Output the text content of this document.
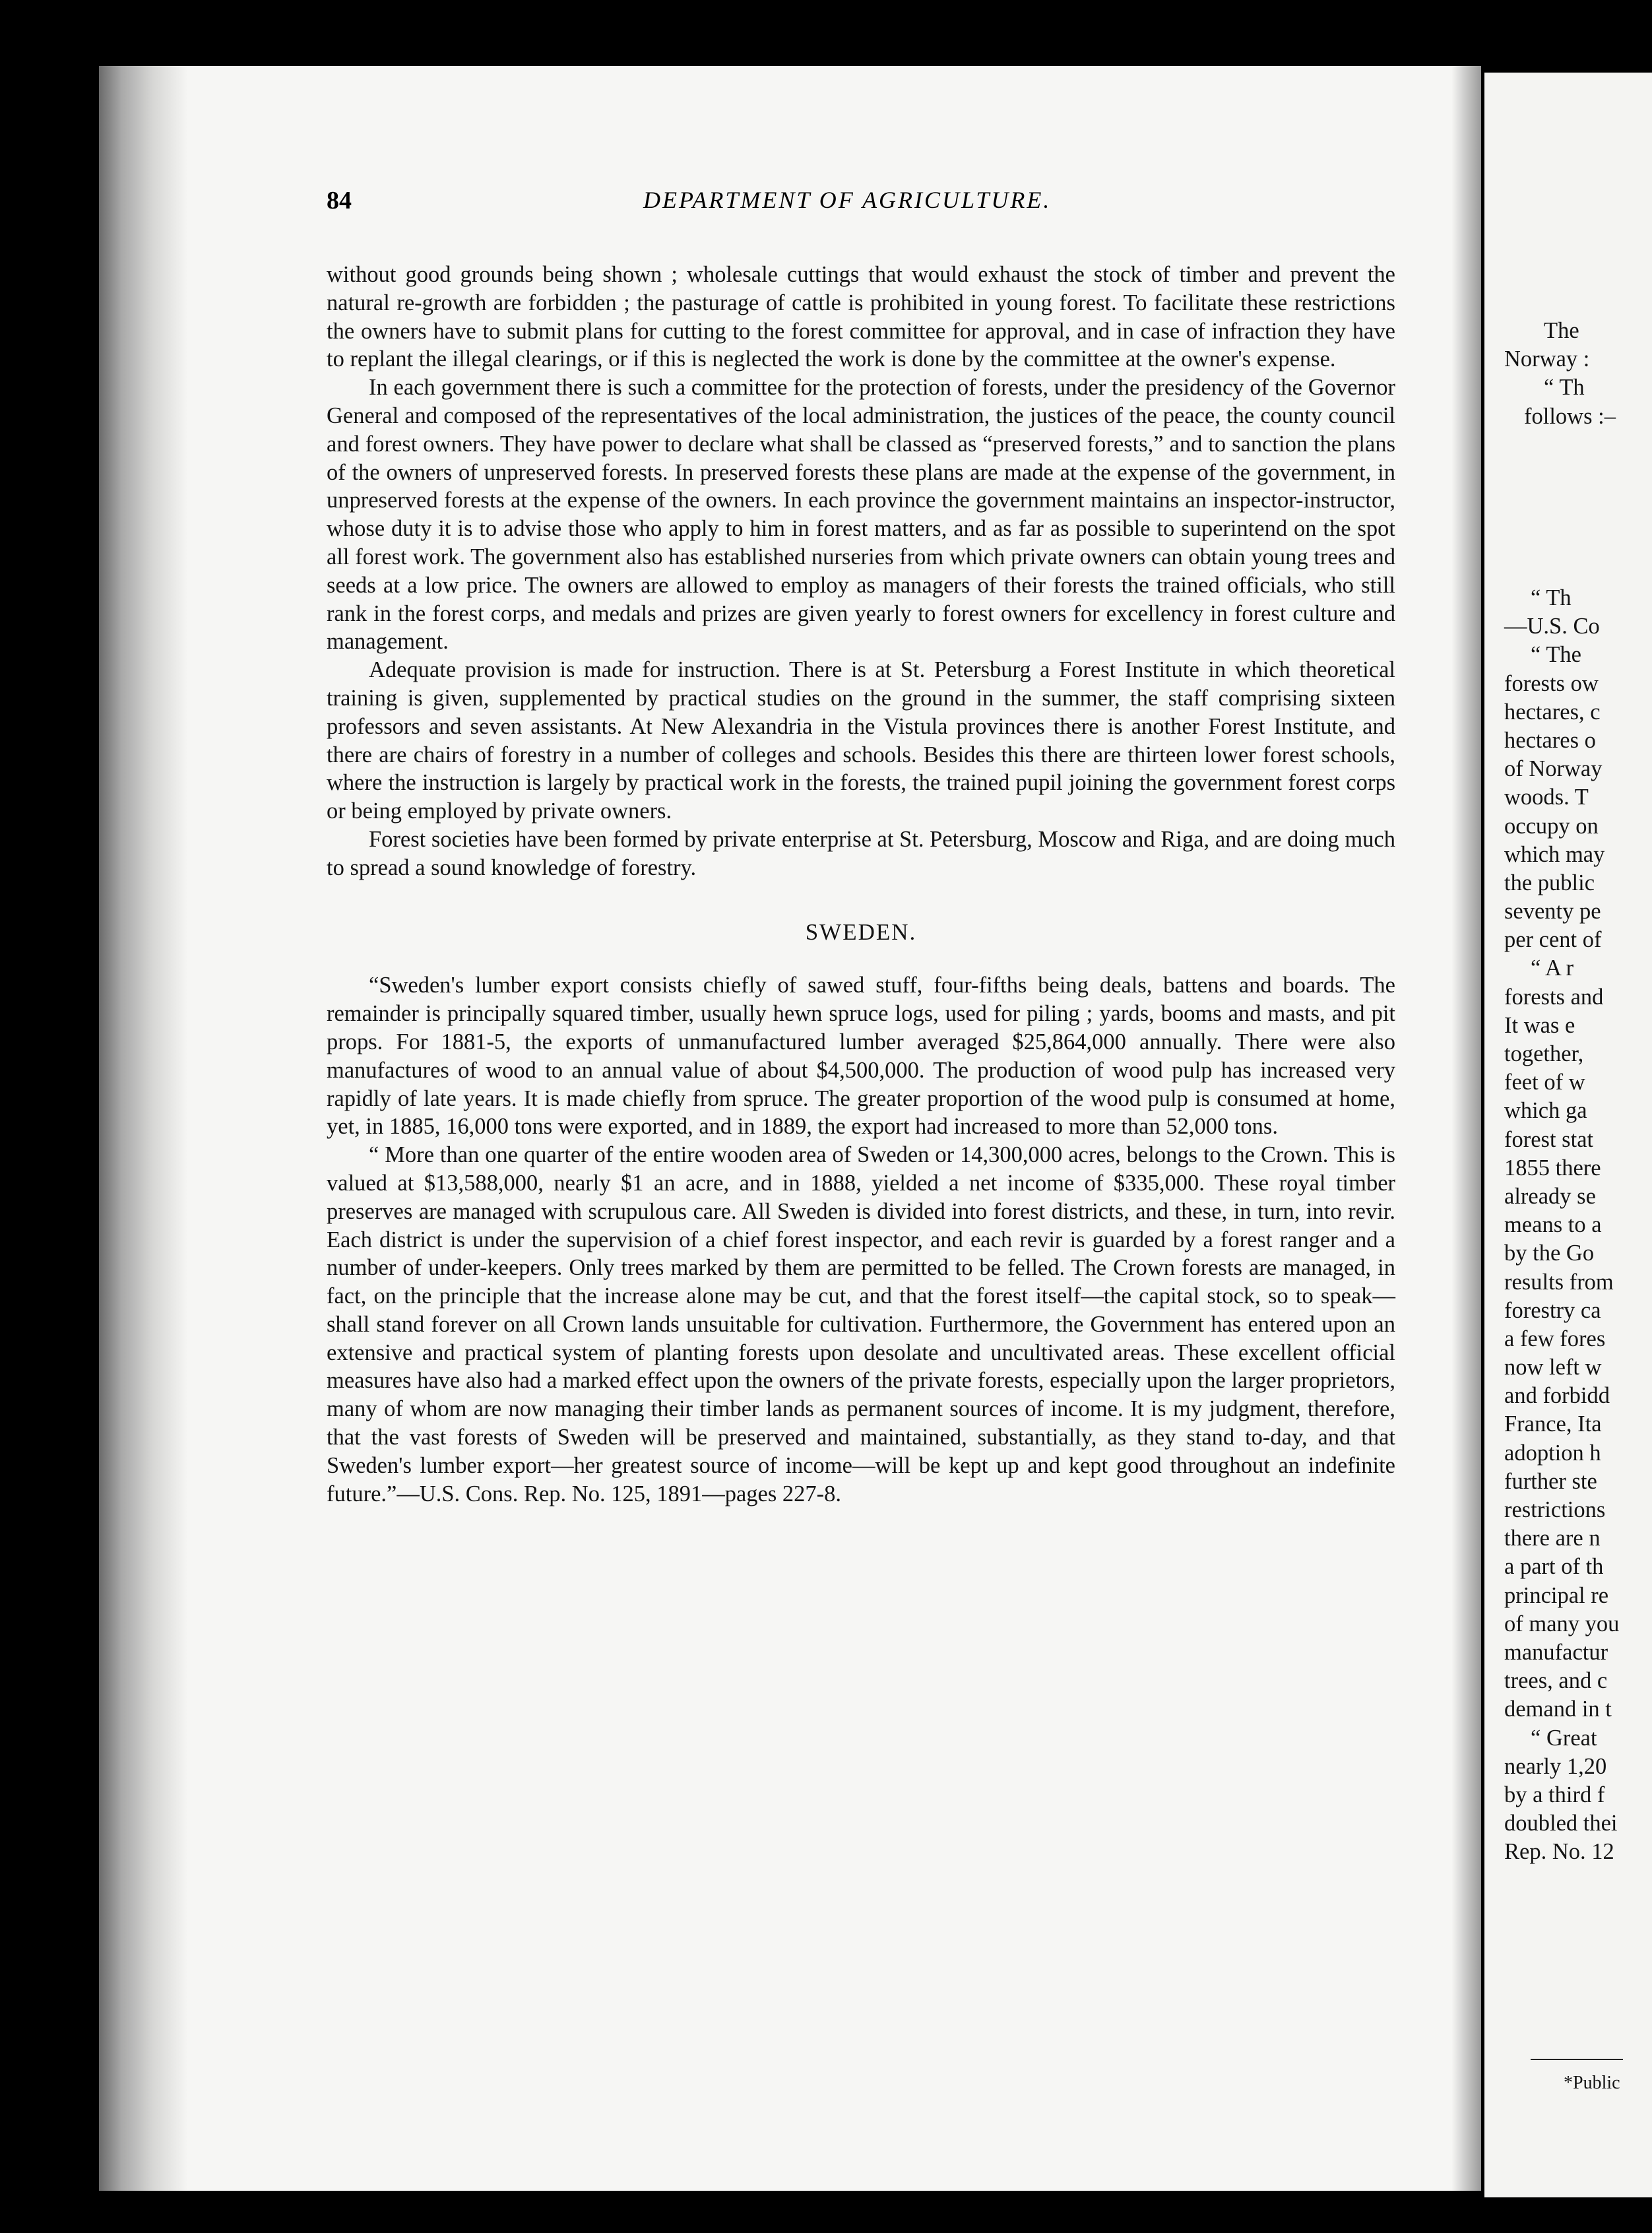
84	DEPARTMENT OF AGRICULTURE.

without good grounds being shown ; wholesale cuttings that would exhaust the stock of timber and prevent the natural re-growth are forbidden ; the pasturage of cattle is prohibited in young forest. To facilitate these restrictions the owners have to submit plans for cutting to the forest committee for approval, and in case of infraction they have to replant the illegal clearings, or if this is neglected the work is done by the committee at the owner's expense.

In each government there is such a committee for the protection of forests, under the presidency of the Governor General and composed of the representatives of the local administration, the justices of the peace, the county council and forest owners. They have power to declare what shall be classed as “preserved forests,” and to sanction the plans of the owners of unpreserved forests. In preserved forests these plans are made at the expense of the government, in unpreserved forests at the expense of the owners. In each province the government maintains an inspector-instructor, whose duty it is to advise those who apply to him in forest matters, and as far as possible to superintend on the spot all forest work. The government also has established nurseries from which private owners can obtain young trees and seeds at a low price. The owners are allowed to employ as managers of their forests the trained officials, who still rank in the forest corps, and medals and prizes are given yearly to forest owners for excellency in forest culture and management.

Adequate provision is made for instruction. There is at St. Petersburg a Forest Institute in which theoretical training is given, supplemented by practical studies on the ground in the summer, the staff comprising sixteen professors and seven assistants. At New Alexandria in the Vistula provinces there is another Forest Institute, and there are chairs of forestry in a number of colleges and schools. Besides this there are thirteen lower forest schools, where the instruction is largely by practical work in the forests, the trained pupil joining the government forest corps or being employed by private owners.

Forest societies have been formed by private enterprise at St. Petersburg, Moscow and Riga, and are doing much to spread a sound knowledge of forestry.

SWEDEN.

“Sweden's lumber export consists chiefly of sawed stuff, four-fifths being deals, battens and boards. The remainder is principally squared timber, usually hewn spruce logs, used for piling ; yards, booms and masts, and pit props. For 1881-5, the exports of unmanufactured lumber averaged $25,864,000 annually. There were also manufactures of wood to an annual value of about $4,500,000. The production of wood pulp has increased very rapidly of late years. It is made chiefly from spruce. The greater proportion of the wood pulp is consumed at home, yet, in 1885, 16,000 tons were exported, and in 1889, the export had increased to more than 52,000 tons.

“ More than one quarter of the entire wooden area of Sweden or 14,300,000 acres, belongs to the Crown. This is valued at $13,588,000, nearly $1 an acre, and in 1888, yielded a net income of $335,000. These royal timber preserves are managed with scrupulous care. All Sweden is divided into forest districts, and these, in turn, into revir. Each district is under the supervision of a chief forest inspector, and each revir is guarded by a forest ranger and a number of under-keepers. Only trees marked by them are permitted to be felled. The Crown forests are managed, in fact, on the principle that the increase alone may be cut, and that the forest itself—the capital stock, so to speak—shall stand forever on all Crown lands unsuitable for cultivation. Furthermore, the Government has entered upon an extensive and practical system of planting forests upon desolate and uncultivated areas. These excellent official measures have also had a marked effect upon the owners of the private forests, especially upon the larger proprietors, many of whom are now managing their timber lands as permanent sources of income. It is my judgment, therefore, that the vast forests of Sweden will be preserved and maintained, substantially, as they stand to-day, and that Sweden's lumber export—her greatest source of income—will be kept up and kept good throughout an indefinite future.”—U.S. Cons. Rep. No. 125, 1891—pages 227-8.

The
Norway :
“ Th
follows :–
“ Th
—U.S. Co
“ The
forests ow
hectares, c
hectares o
of Norway
woods. T
occupy on
which may
the public
seventy pe
per cent of
“ A r
forests and
It was e
together,
feet of w
which ga
forest stat
1855 there
already se
means to a
by the Go
results from
forestry ca
a few fores
now left w
and forbidd
France, Ita
adoption h
further ste
restrictions
there are n
a part of th
principal re
of many you
manufactur
trees, and c
demand in t
“ Great
nearly 1,20
by a third f
doubled thei
Rep. No. 12
*Public
